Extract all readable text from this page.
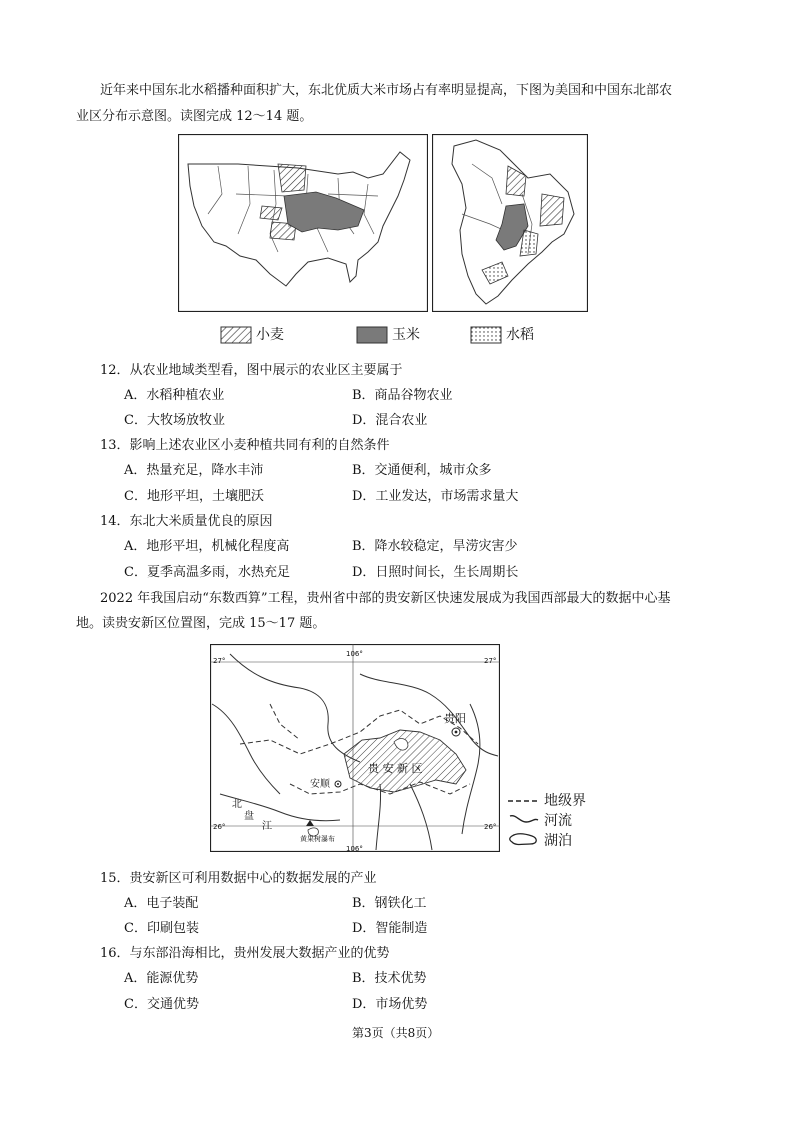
近年来中国东北水稻播种面积扩大，东北优质大米市场占有率明显提高，下图为美国和中国东北部农
业区分布示意图。读图完成 12～14 题。
小麦	玉米	水稻
12．从农业地域类型看，图中展示的农业区主要属于
A．水稻种植农业	B．商品谷物农业
C．大牧场放牧业	D．混合农业
13．影响上述农业区小麦种植共同有利的自然条件
A．热量充足，降水丰沛	B．交通便利，城市众多
C．地形平坦，土壤肥沃	D．工业发达，市场需求量大
14．东北大米质量优良的原因
A．地形平坦，机械化程度高	B．降水较稳定，旱涝灾害少
C．夏季高温多雨，水热充足	D．日照时间长，生长周期长
2022 年我国启动“东数西算”工程，贵州省中部的贵安新区快速发展成为我国西部最大的数据中心基
地。读贵安新区位置图，完成 15～17 题。
27°	27°
26°	26°
106°
106°
贵阳
贵 安 新 区
安顺
北
盘
江
黄果树瀑布
地级界
河流
湖泊
15．贵安新区可利用数据中心的数据发展的产业
A．电子装配	B．钢铁化工
C．印刷包装	D．智能制造
16．与东部沿海相比，贵州发展大数据产业的优势
A．能源优势	B．技术优势
C．交通优势	D．市场优势
第3页（共8页）
